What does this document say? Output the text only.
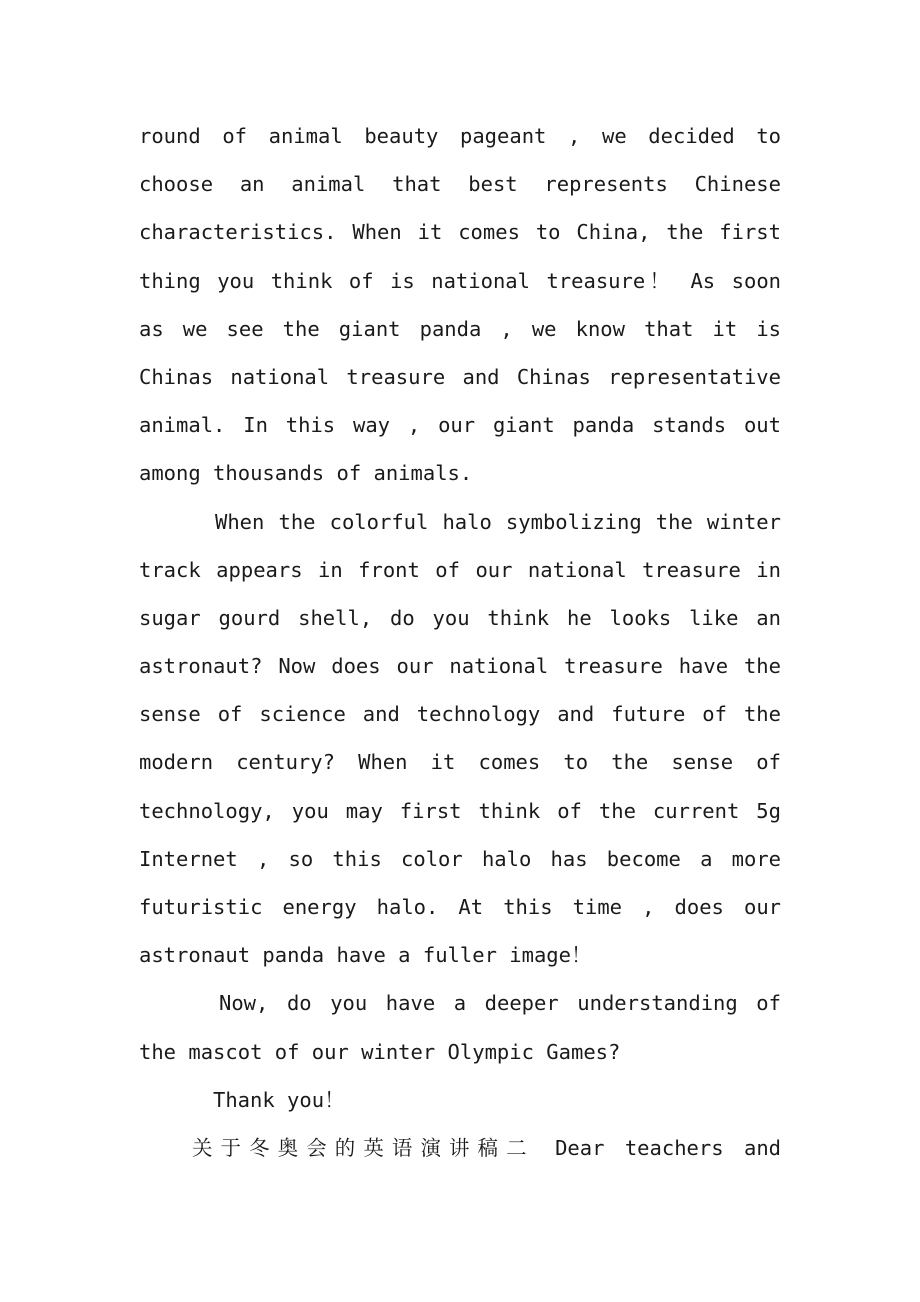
round of animal beauty pageant , we decided to
choose an animal that best represents Chinese
characteristics. When it comes to China, the first
thing you think of is national treasure！ As soon
as we see the giant panda , we know that it is
Chinas national treasure and Chinas representative
animal. In this way , our giant panda stands out
among thousands of animals.
When the colorful halo symbolizing the winter
track appears in front of our national treasure in
sugar gourd shell, do you think he looks like an
astronaut? Now does our national treasure have the
sense of science and technology and future of the
modern century? When it comes to the sense of
technology, you may first think of the current 5g
Internet , so this color halo has become a more
futuristic energy halo. At this time , does our
astronaut panda have a fuller image！
Now, do you have a deeper understanding of
the mascot of our winter Olympic Games?
Thank you！
关于冬奥会的英语演讲稿二 Dear teachers and
